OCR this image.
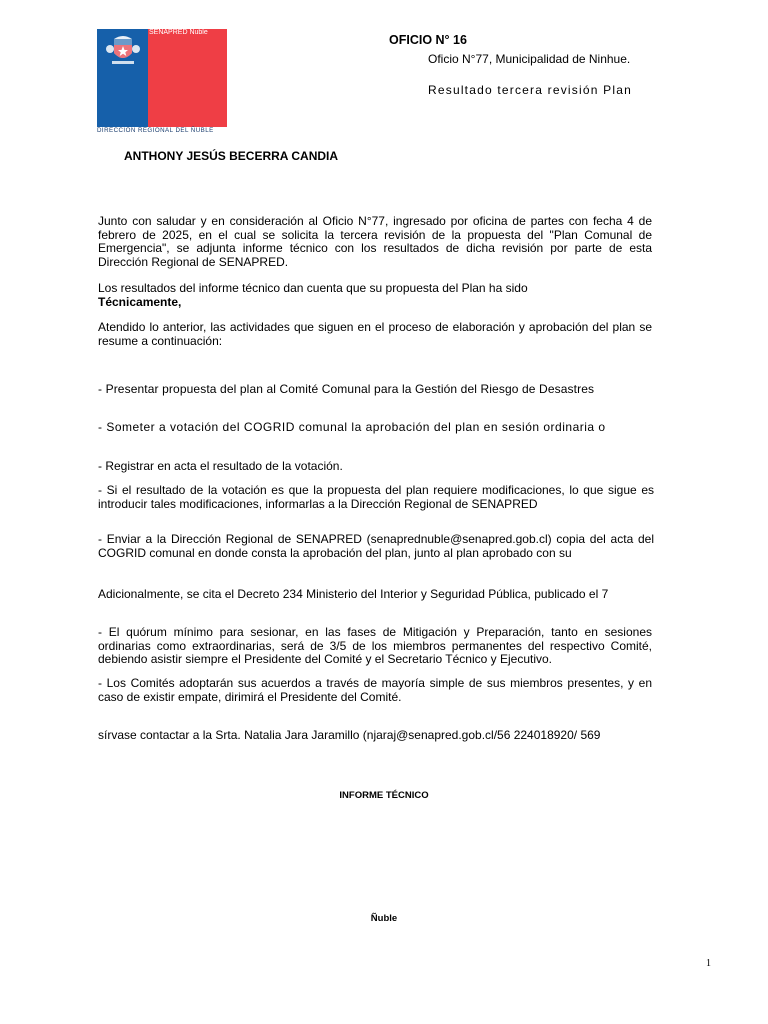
SENAPRED Ñuble
DIRECCIÓN REGIONAL DEL ÑUBLE
OFICIO N° 16
Oficio N°77, Municipalidad de Ninhue.
Resultado tercera revisión Plan
ANTHONY JESÚS BECERRA CANDIA
Junto con saludar y en consideración al Oficio N°77, ingresado por oficina de partes con fecha 4 de febrero de 2025, en el cual se solicita la tercera revisión de la propuesta del "Plan Comunal de Emergencia", se adjunta informe técnico con los resultados de dicha revisión por parte de esta Dirección Regional de SENAPRED.
Los resultados del informe técnico dan cuenta que su propuesta del Plan ha sido
Técnicamente,
Atendido lo anterior, las actividades que siguen en el proceso de elaboración y aprobación del plan se resume a continuación:
- Presentar propuesta del plan al Comité Comunal para la Gestión del Riesgo de Desastres
- Someter a votación del COGRID comunal la aprobación del plan en sesión ordinaria o
- Registrar en acta el resultado de la votación.
- Si el resultado de la votación es que la propuesta del plan requiere modificaciones, lo que sigue es introducir tales modificaciones, informarlas a la Dirección Regional de SENAPRED
- Enviar a la Dirección Regional de SENAPRED (senaprednuble@senapred.gob.cl) copia del acta del COGRID comunal en donde consta la aprobación del plan, junto al plan aprobado con su
Adicionalmente, se cita el Decreto 234 Ministerio del Interior y Seguridad Pública, publicado el 7
- El quórum mínimo para sesionar, en las fases de Mitigación y Preparación, tanto en sesiones ordinarias como extraordinarias, será de 3/5 de los miembros permanentes del respectivo Comité, debiendo asistir siempre el Presidente del Comité y el Secretario Técnico y Ejecutivo.
- Los Comités adoptarán sus acuerdos a través de mayoría simple de sus miembros presentes, y en caso de existir empate, dirimirá el Presidente del Comité.
sírvase contactar a la Srta. Natalia Jara Jaramillo (njaraj@senapred.gob.cl/56 224018920/ 569
INFORME TÉCNICO
Ñuble
1
